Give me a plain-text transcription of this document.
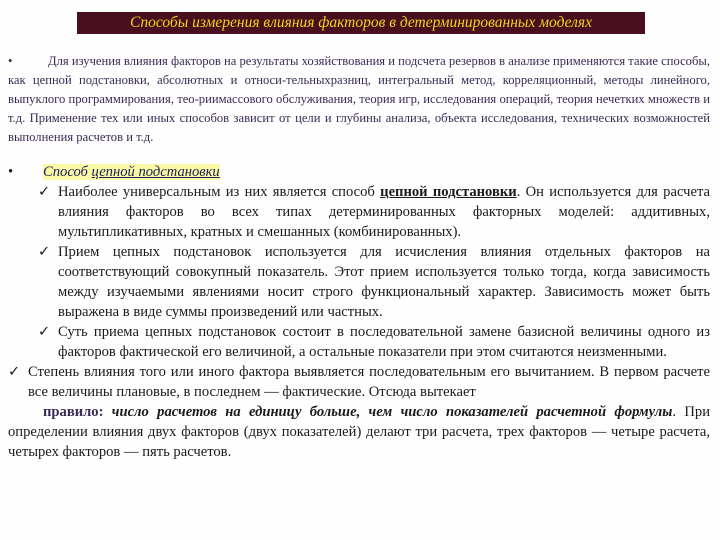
Способы измерения влияния факторов в детерминированных моделях
•	Для изучения влияния факторов на результаты хозяйствования и подсчета резервов в анализе применяются такие способы, как цепной подстановки, абсолютных и относи-тельныхразниц, интегральный метод, корреляционный, методы линейного, выпуклого программирования, тео-риимассового обслуживания, теория игр, исследования операций, теория нечетких множеств и т.д. Применение тех или иных способов зависит от цели и глубины анализа, объекта исследования, технических возможностей выполнения расчетов и т.д.
• Способ цепной подстановки
✓ Наиболее универсальным из них является способ цепной подстановки. Он используется для расчета влияния факторов во всех типах детерминированных факторных моделей: аддитивных, мультипликативных, кратных и смешанных (комбинированных).
✓ Прием цепных подстановок используется для исчисления влияния отдельных факторов на соответствующий совокупный показатель. Этот прием используется только тогда, когда зависимость между изучаемыми явлениями носит строго функциональный характер. Зависимость может быть выражена в виде суммы произведений или частных.
✓ Суть приема цепных подстановок состоит в последовательной замене базисной величины одного из факторов фактической его величиной, а остальные показатели при этом считаются неизменными.
✓ Степень влияния того или иного фактора выявляется последовательным его вычитанием. В первом расчете все величины плановые, в последнем — фактические. Отсюда вытекает
правило: число расчетов на единицу больше, чем число показателей расчетной формулы. При определении влияния двух факторов (двух показателей) делают три расчета, трех факторов — четыре расчета, четырех факторов — пять расчетов.
